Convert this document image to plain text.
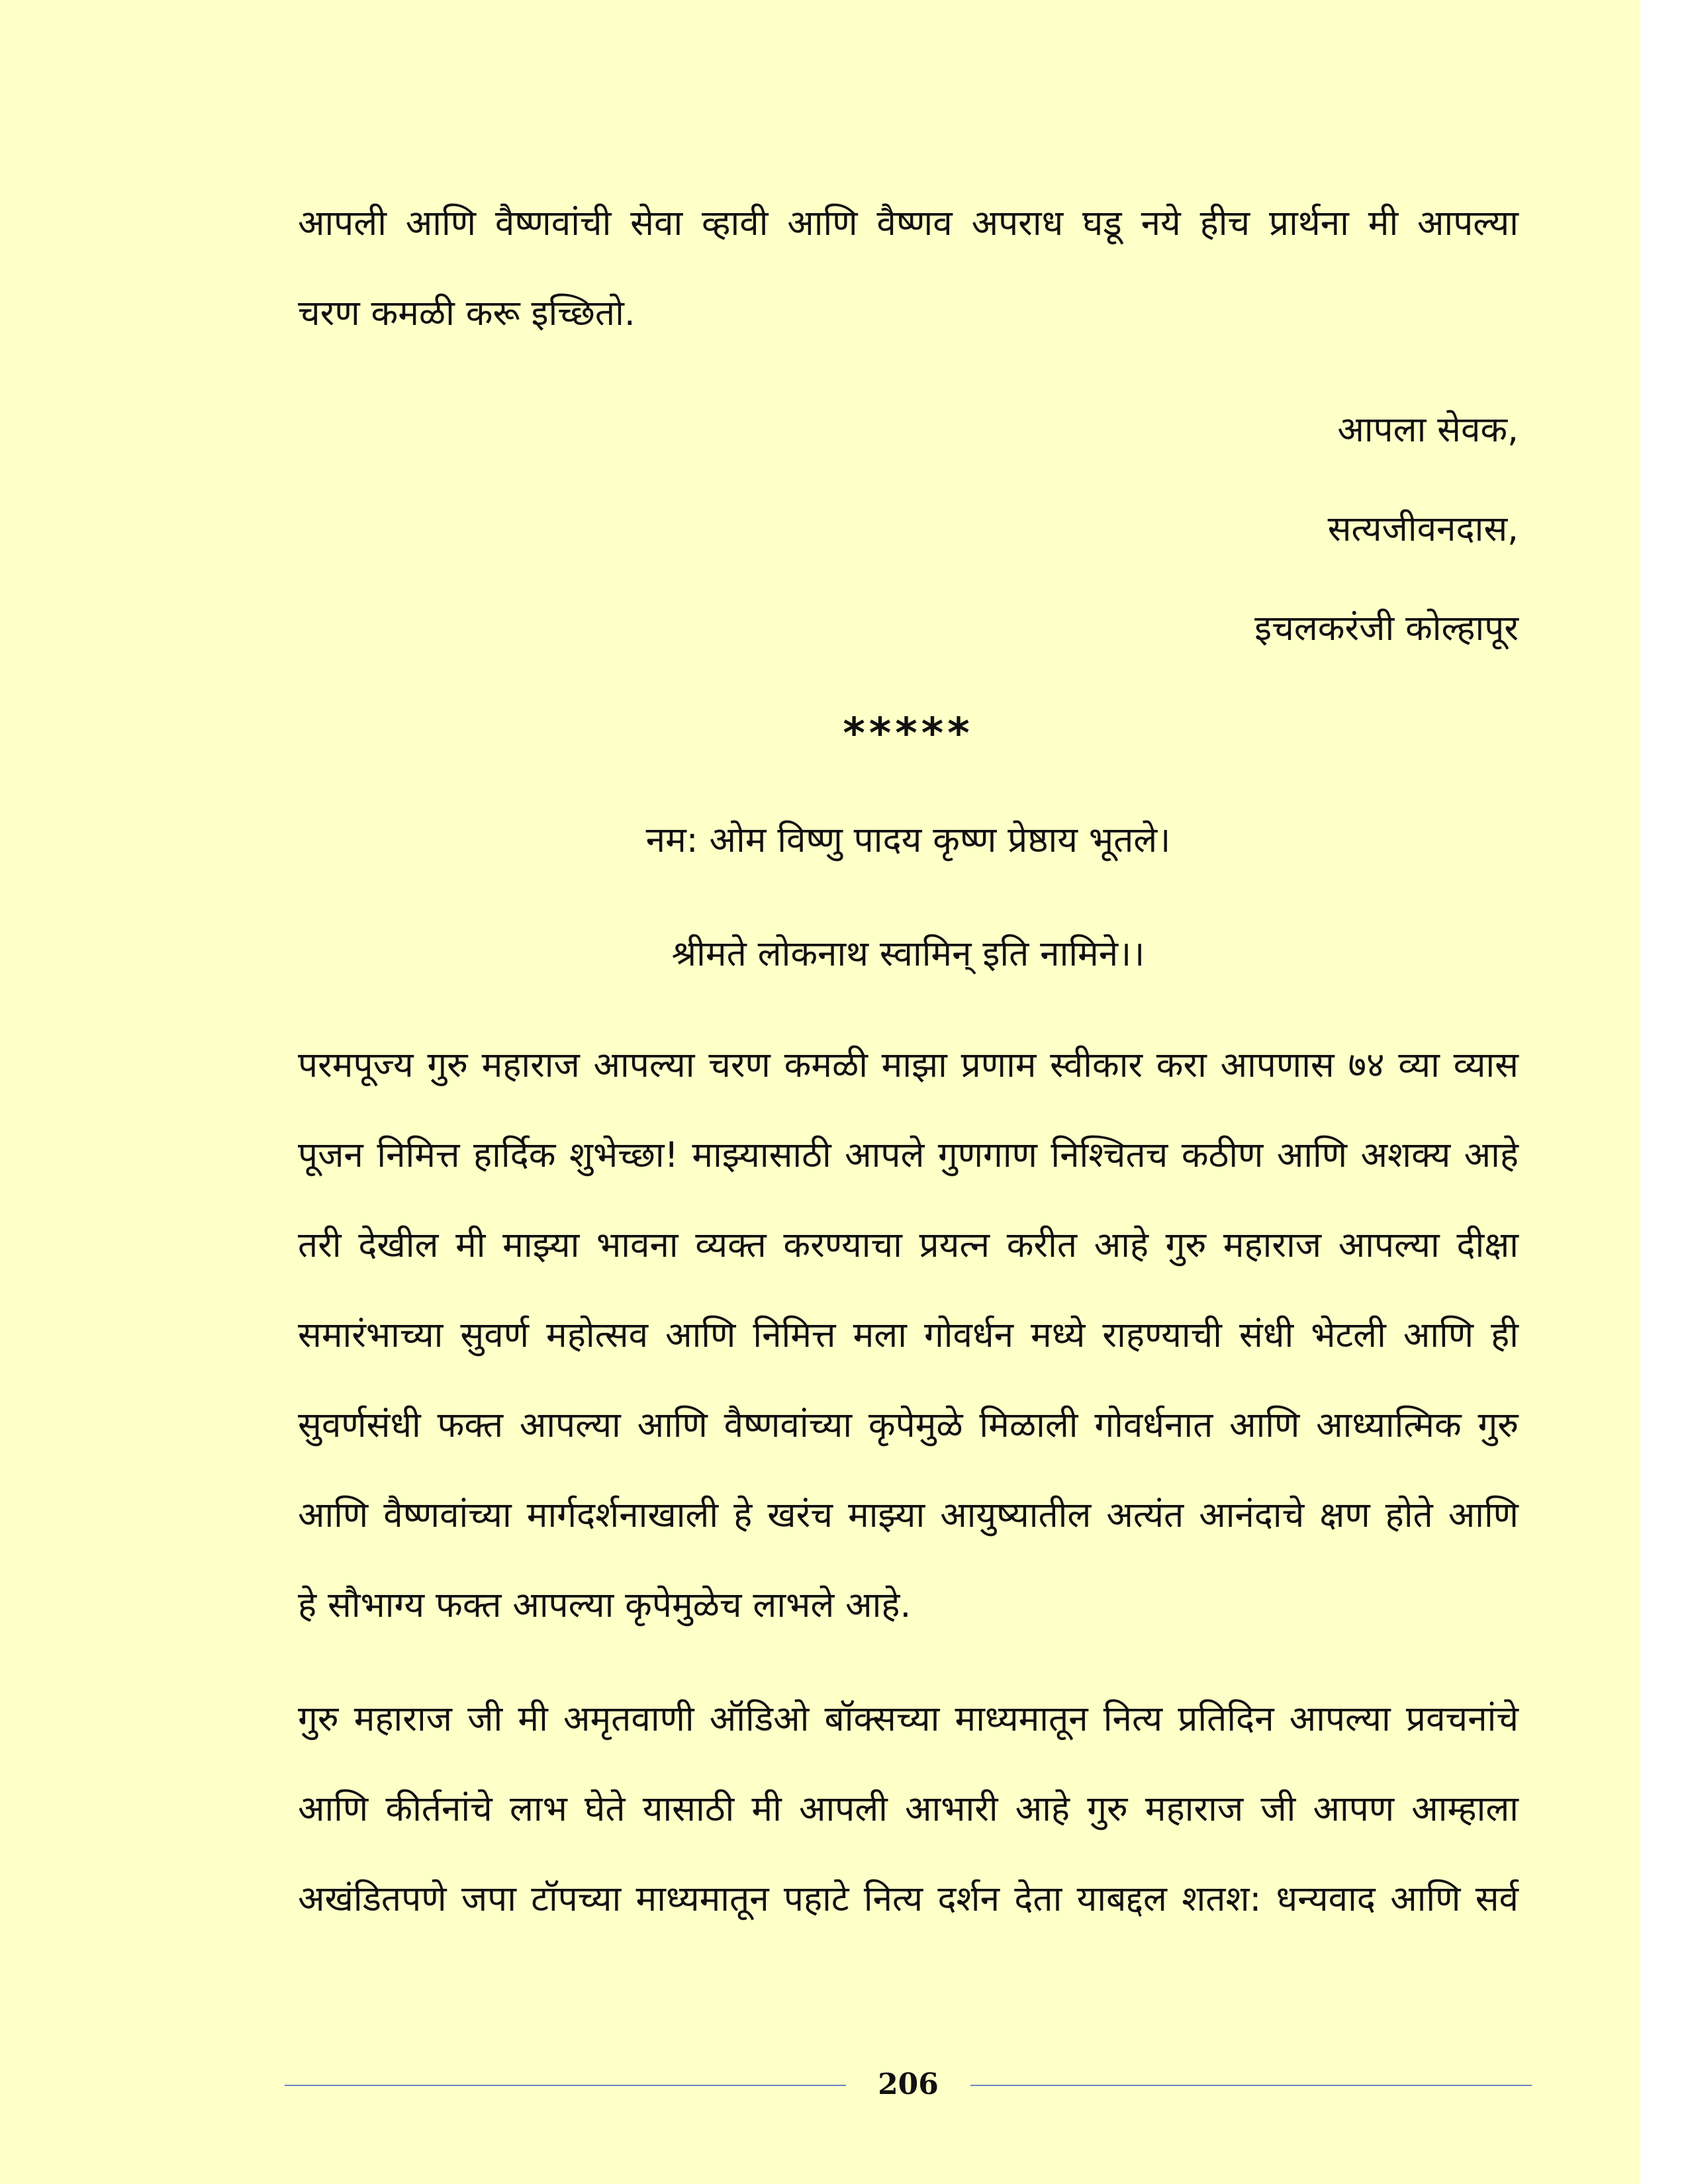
आपली आणि वैष्णवांची सेवा व्हावी आणि वैष्णव अपराध घडू नये हीच प्रार्थना मी आपल्या

चरण कमळी करू इच्छितो.

आपला सेवक,

सत्यजीवनदास,

इचलकरंजी कोल्हापूर

*****

नम: ओम विष्णु पादय कृष्ण प्रेष्ठाय भूतले।

श्रीमते लोकनाथ स्वामिन् इति नामिने।।

परमपूज्य गुरु महाराज आपल्या चरण कमळी माझा प्रणाम स्वीकार करा आपणास ७४ व्या व्यास

पूजन निमित्त हार्दिक शुभेच्छा! माझ्यासाठी आपले गुणगाण निश्चितच कठीण आणि अशक्य आहे

तरी देखील मी माझ्या भावना व्यक्त करण्याचा प्रयत्न करीत आहे गुरु महाराज आपल्या दीक्षा

समारंभाच्या सुवर्ण महोत्सव आणि निमित्त मला गोवर्धन मध्ये राहण्याची संधी भेटली आणि ही

सुवर्णसंधी फक्त आपल्या आणि वैष्णवांच्या कृपेमुळे मिळाली गोवर्धनात आणि आध्यात्मिक गुरु

आणि वैष्णवांच्या मार्गदर्शनाखाली हे खरंच माझ्या आयुष्यातील अत्यंत आनंदाचे क्षण होते आणि

हे सौभाग्य फक्त आपल्या कृपेमुळेच लाभले आहे.

गुरु महाराज जी मी अमृतवाणी ऑडिओ बॉक्सच्या माध्यमातून नित्य प्रतिदिन आपल्या प्रवचनांचे

आणि कीर्तनांचे लाभ घेते यासाठी मी आपली आभारी आहे गुरु महाराज जी आपण आम्हाला

अखंडितपणे जपा टॉपच्या माध्यमातून पहाटे नित्य दर्शन देता याबद्दल शतश: धन्यवाद आणि सर्व

206
